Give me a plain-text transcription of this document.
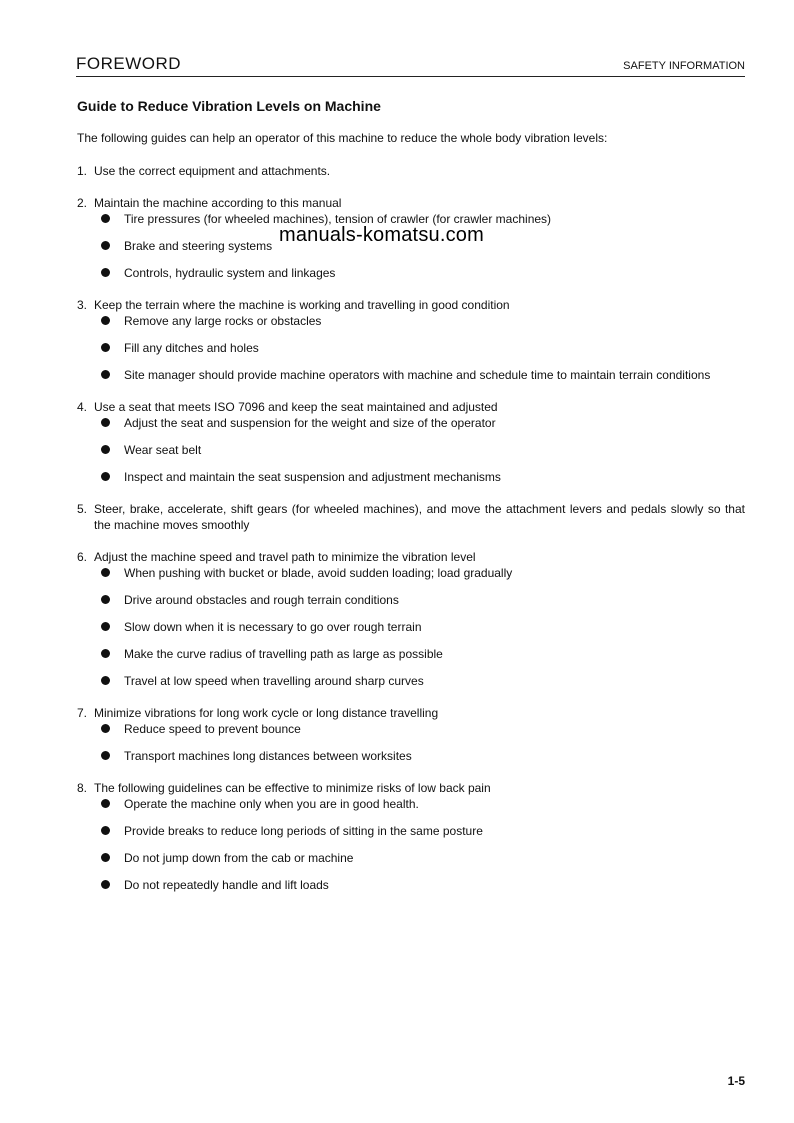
FOREWORD	SAFETY INFORMATION
Guide to Reduce Vibration Levels on Machine
The following guides can help an operator of this machine to reduce the whole body vibration levels:
1. Use the correct equipment and attachments.
2. Maintain the machine according to this manual
Tire pressures (for wheeled machines), tension of crawler (for crawler machines)
Brake and steering systems
Controls, hydraulic system and linkages
3. Keep the terrain where the machine is working and travelling in good condition
Remove any large rocks or obstacles
Fill any ditches and holes
Site manager should provide machine operators with machine and schedule time to maintain terrain conditions
4. Use a seat that meets ISO 7096 and keep the seat maintained and adjusted
Adjust the seat and suspension for the weight and size of the operator
Wear seat belt
Inspect and maintain the seat suspension and adjustment mechanisms
5. Steer, brake, accelerate, shift gears (for wheeled machines), and move the attachment levers and pedals slowly so that the machine moves smoothly
6. Adjust the machine speed and travel path to minimize the vibration level
When pushing with bucket or blade, avoid sudden loading; load gradually
Drive around obstacles and rough terrain conditions
Slow down when it is necessary to go over rough terrain
Make the curve radius of travelling path as large as possible
Travel at low speed when travelling around sharp curves
7. Minimize vibrations for long work cycle or long distance travelling
Reduce speed to prevent bounce
Transport machines long distances between worksites
8. The following guidelines can be effective to minimize risks of low back pain
Operate the machine only when you are in good health.
Provide breaks to reduce long periods of sitting in the same posture
Do not jump down from the cab or machine
Do not repeatedly handle and lift loads
manuals-komatsu.com
1-5
